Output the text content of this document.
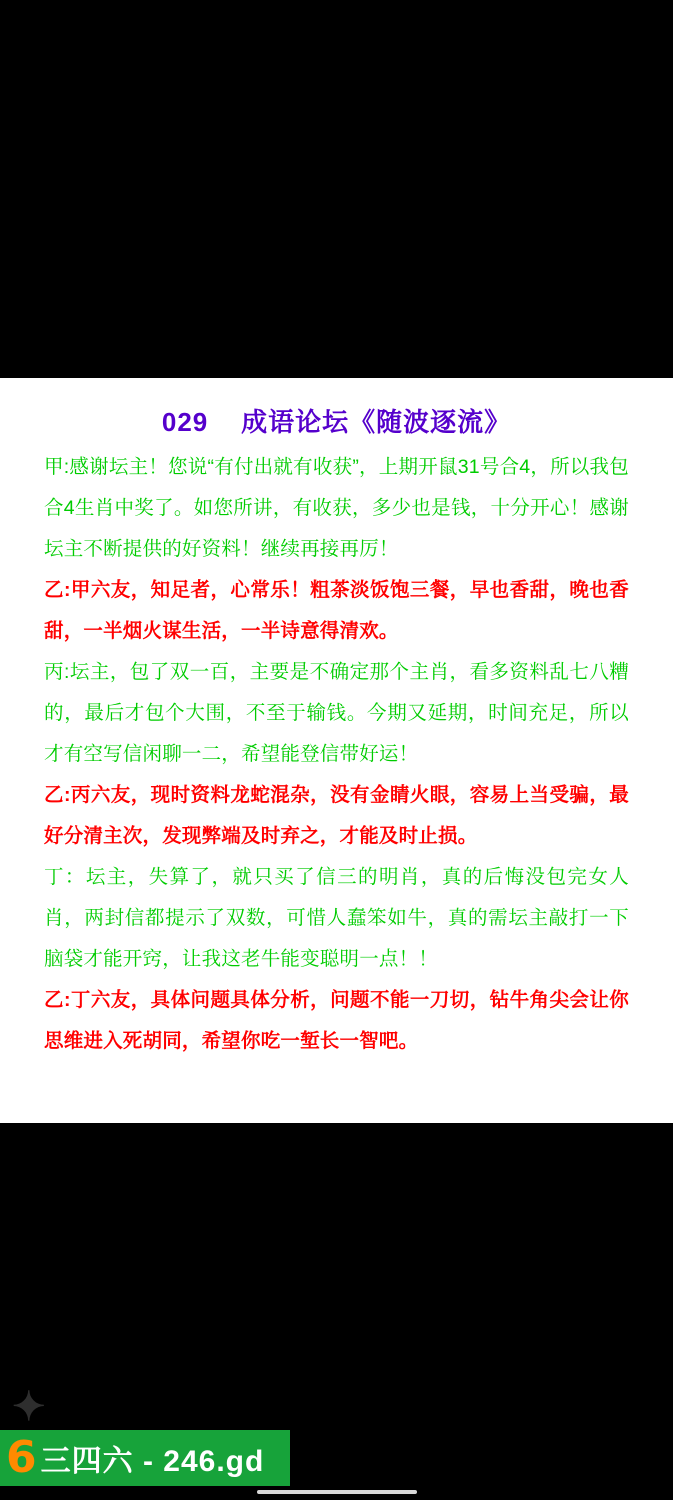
029    成语论坛《随波逐流》

甲:感谢坛主！您说“有付出就有收获”，上期开鼠31号合4，所以我包合4生肖中奖了。如您所讲，有收获，多少也是钱，十分开心！感谢坛主不断提供的好资料！继续再接再厉！

乙:甲六友，知足者，心常乐！粗茶淡饭饱三餐，早也香甜，晚也香甜，一半烟火谋生活，一半诗意得清欢。

丙:坛主，包了双一百，主要是不确定那个主肖，看多资料乱七八糟的，最后才包个大围，不至于输钱。今期又延期，时间充足，所以才有空写信闲聊一二，希望能登信带好运！

乙:丙六友，现时资料龙蛇混杂，没有金睛火眼，容易上当受骗，最好分清主次，发现弊端及时弃之，才能及时止损。

丁：坛主，失算了，就只买了信三的明肖，真的后悔没包完女人肖，两封信都提示了双数，可惜人蠢笨如牛，真的需坛主敲打一下脑袋才能开窍，让我这老牛能变聪明一点！！

乙:丁六友，具体问题具体分析，问题不能一刀切，钻牛角尖会让你思维进入死胡同，希望你吃一堑长一智吧。

✦
6 三四六 - 246.gd
